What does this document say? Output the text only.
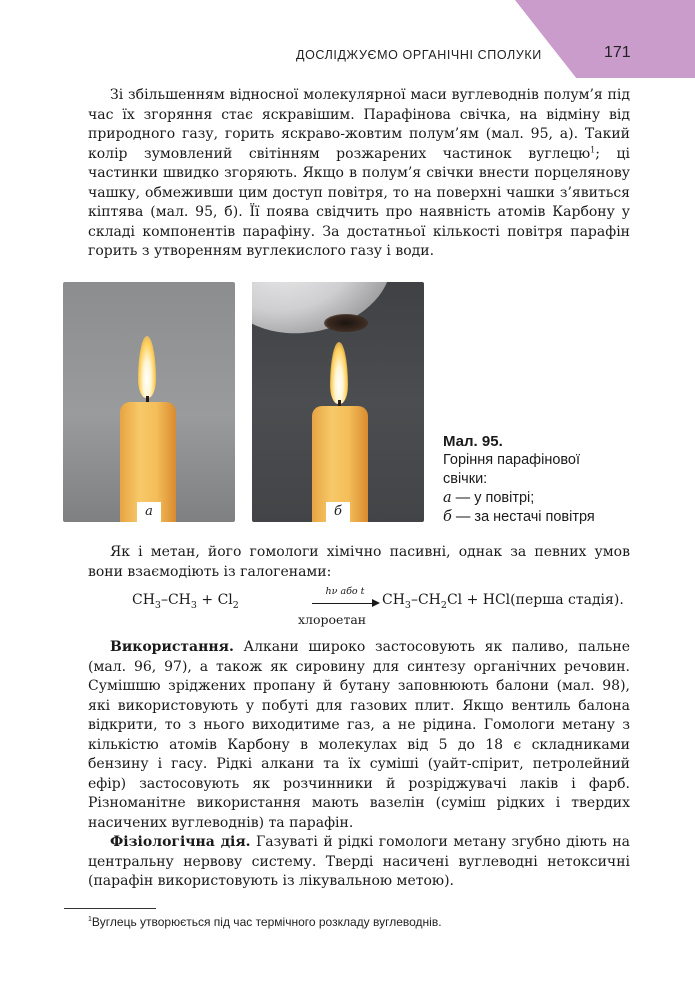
ДОСЛІДЖУЄМО ОРГАНІЧНІ СПОЛУКИ	171

Зі збільшенням відносної молекулярної маси вуглеводнів полум’я під час їх згоряння стає яскравішим. Парафінова свічка, на відміну від природного газу, горить яскраво-жовтим полум’ям (мал. 95, а). Такий колір зумовлений світінням розжарених частинок вуглецю$^1$; ці частинки швидко згоряють. Якщо в полум’я свічки внести порцелянову чашку, обмеживши цим доступ повітря, то на поверхні чашки з’явиться кіптява (мал. 95, б). Її поява свідчить про наявність атомів Карбону у складі компонентів парафіну. За достатньої кількості повітря парафін горить з утворенням вуглекислого газу і води.

а	б
Мал. 95.
Горіння парафінової
свічки:
а — у повітрі;
б — за нестачі повітря

Як і метан, його гомологи хімічно пасивні, однак за певних умов вони взаємодіють із галогенами:

$CH_3-CH_3 + Cl_2$
hν або t
$CH_3-CH_2Cl$ + HCl(перша стадія).
хлороетан

Використання. Алкани широко застосовують як паливо, пальне (мал. 96, 97), а також як сировину для синтезу органічних речовин. Сумішшю зріджених пропану й бутану заповнюють балони (мал. 98), які використовують у побуті для газових плит. Якщо вентиль балона відкрити, то з нього виходитиме газ, а не рідина. Гомологи метану з кількістю атомів Карбону в молекулах від 5 до 18 є складниками бензину і гасу. Рідкі алкани та їх суміші (уайт-спірит, петролейний ефір) застосовують як розчинники й розріджувачі лаків і фарб. Різноманітне використання мають вазелін (суміш рідких і твердих насичених вуглеводнів) та парафін.

Фізіологічна дія. Газуваті й рідкі гомологи метану згубно діють на центральну нервову систему. Тверді насичені вуглеводні нетоксичні (парафін використовують із лікувальною метою).

$^1$Вуглець утворюється під час термічного розкладу вуглеводнів.
